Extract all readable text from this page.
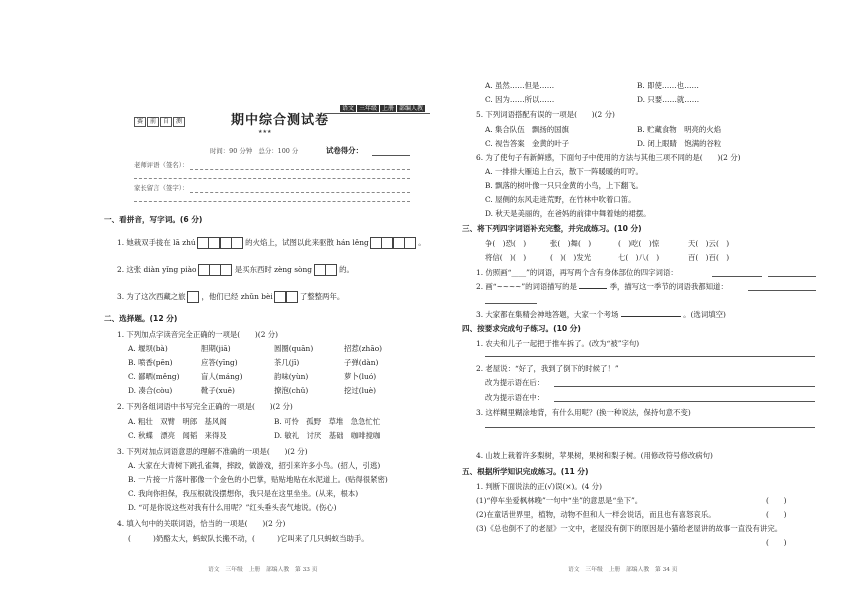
赛 前 自 测	期中综合测试卷
★★★
语文 三年级 上册 部编人教
时间：90 分钟　总分：100 分	试卷得分：
老师评语（签名）：
家长留言（签字）：
一、看拼音，写字词。(6 分)
1. 她栽双手拢在 lā zhú	的火焰上，试图以此来驱散 hán lěng	。
2. 这张 diàn yǐng piào	是买东西时 zèng sòng	的。
3. 为了这次西藏之旅 ，他们已经 zhǔn bèi	了整整两年。
二、选择题。(12 分)
1. 下列加点字读音完全正确的一项是(　　)(2 分)
A. 堰坝(bà)	胆期(jiā)	圆圈(quān)	招惹(zhāo)
B. 喷香(pēn)	应答(yīng)	茶几(jī)	子弹(dàn)
C. 鄙晒(měng)	盲人(máng)	韵味(yùn)	萝卜(luó)
D. 凑合(còu)	靴子(xuē)	撩泡(chǔ)	挖过(luè)
2. 下列各组词语中书写完全正确的一项是(　　)(2 分)
A. 粗壮　双臂　明郎　基风阁	B. 可怜　孤野　草堆　急急忙忙
C. 秋蝶　漂亮　闻韬　来得及	D. 敏礼　讨厌　基础　咖啡搅咖
3. 下列对加点词语意思的理解不准确的一项是(　　)(2 分)
A. 大家在大青树下跳孔雀舞，摔跤，做游戏，招引来许多小鸟。(招人，引逃)
B. 一片接一片落叶都像一个金色的小巴掌，贴贴地贴在水泥道上。(贴得很紧密)
C. 我向你担保，我压根就没摆想你，我只是在这里坐坐。(从来，根本)
D. “可是你说这些对我有什么用呢？”红头垂头丧气地说。(伤心)
4. 填入句中的关联词语，恰当的一项是(　　)(2 分)
(　　　)奶酪太大，蚂蚁队长搬不动，(　　　)它叫来了几只蚂蚁当助手。
语文　三年级　上册　部编人教　第 33 页
A. 虽然……但是……	B. 即使……也……
C. 因为……所以……	D. 只要……就……
5. 下列词语搭配有误的一项是(　　)(2 分)
A. 集合队伍　飘扬的国旗	B. 贮藏食物　明亮的火焰
C. 视告答案　金黄的叶子	D. 闭上眼睛　饱满的谷粒
6. 为了使句子有新鲜感，下面句子中使用的方法与其他三项不同的是(　　)(2 分)
A. 一排排大雁追上白云，散下一阵暖暖的叮咛。
B. 飘落的树叶像一只只金黄的小鸟，上下翻飞。
C. 屋侧的东风走进荒野，在竹林中吹着口笛。
D. 秋天是美丽的，在爸妈的前律中舞着她的裙摆。
三、将下列四字词语补充完整，并完成练习。(10 分)
争(　)恐(　)	张(　)舞(　)	(　)吃(　)惊	天(　)云(　)
将信(　)(　)	(　)(　)发光	七(　)八(　)	百(　)百(　)
1. 仿照画“____”的词语，再写两个含有身体部位的四字词语：
2. 画“~~~~”的词语描写的是	季，描写这一季节的词语我都知道：
3. 大家都在集精会神地答题，大家一个考场	。(选词填空)
四、按要求完成句子练习。(10 分)
1. 农夫和儿子一起把于推车拆了。(改为“被”字句)
2. 老屋说：“好了，我到了倒下的时候了！”
改为提示语在后：
改为提示语在中：
3. 这样糊里糊涂地背，有什么用呢？(换一种说法，保持句意不变)
4. 山坡上栽着许多梨树，苹果树，果树和梨子树。(用修改符号修改病句)
五、根据所学知识完成练习。(11 分)
1. 判断下面说法的正(√)误(×)。(4 分)
(1)“停车坐爱枫林晚”一句中“坐”的意思是“坐下”。	(　　)
(2)在童话世界里，植物，动物不但和人一样会说话，而且也有喜怒哀乐。	(　　)
(3)《总也倒不了的老屋》一文中，老屋没有倒下的原因是小猫给老屋讲的故事一直没有讲完。
(　　)
语文　三年级　上册　部编人教　第 34 页
